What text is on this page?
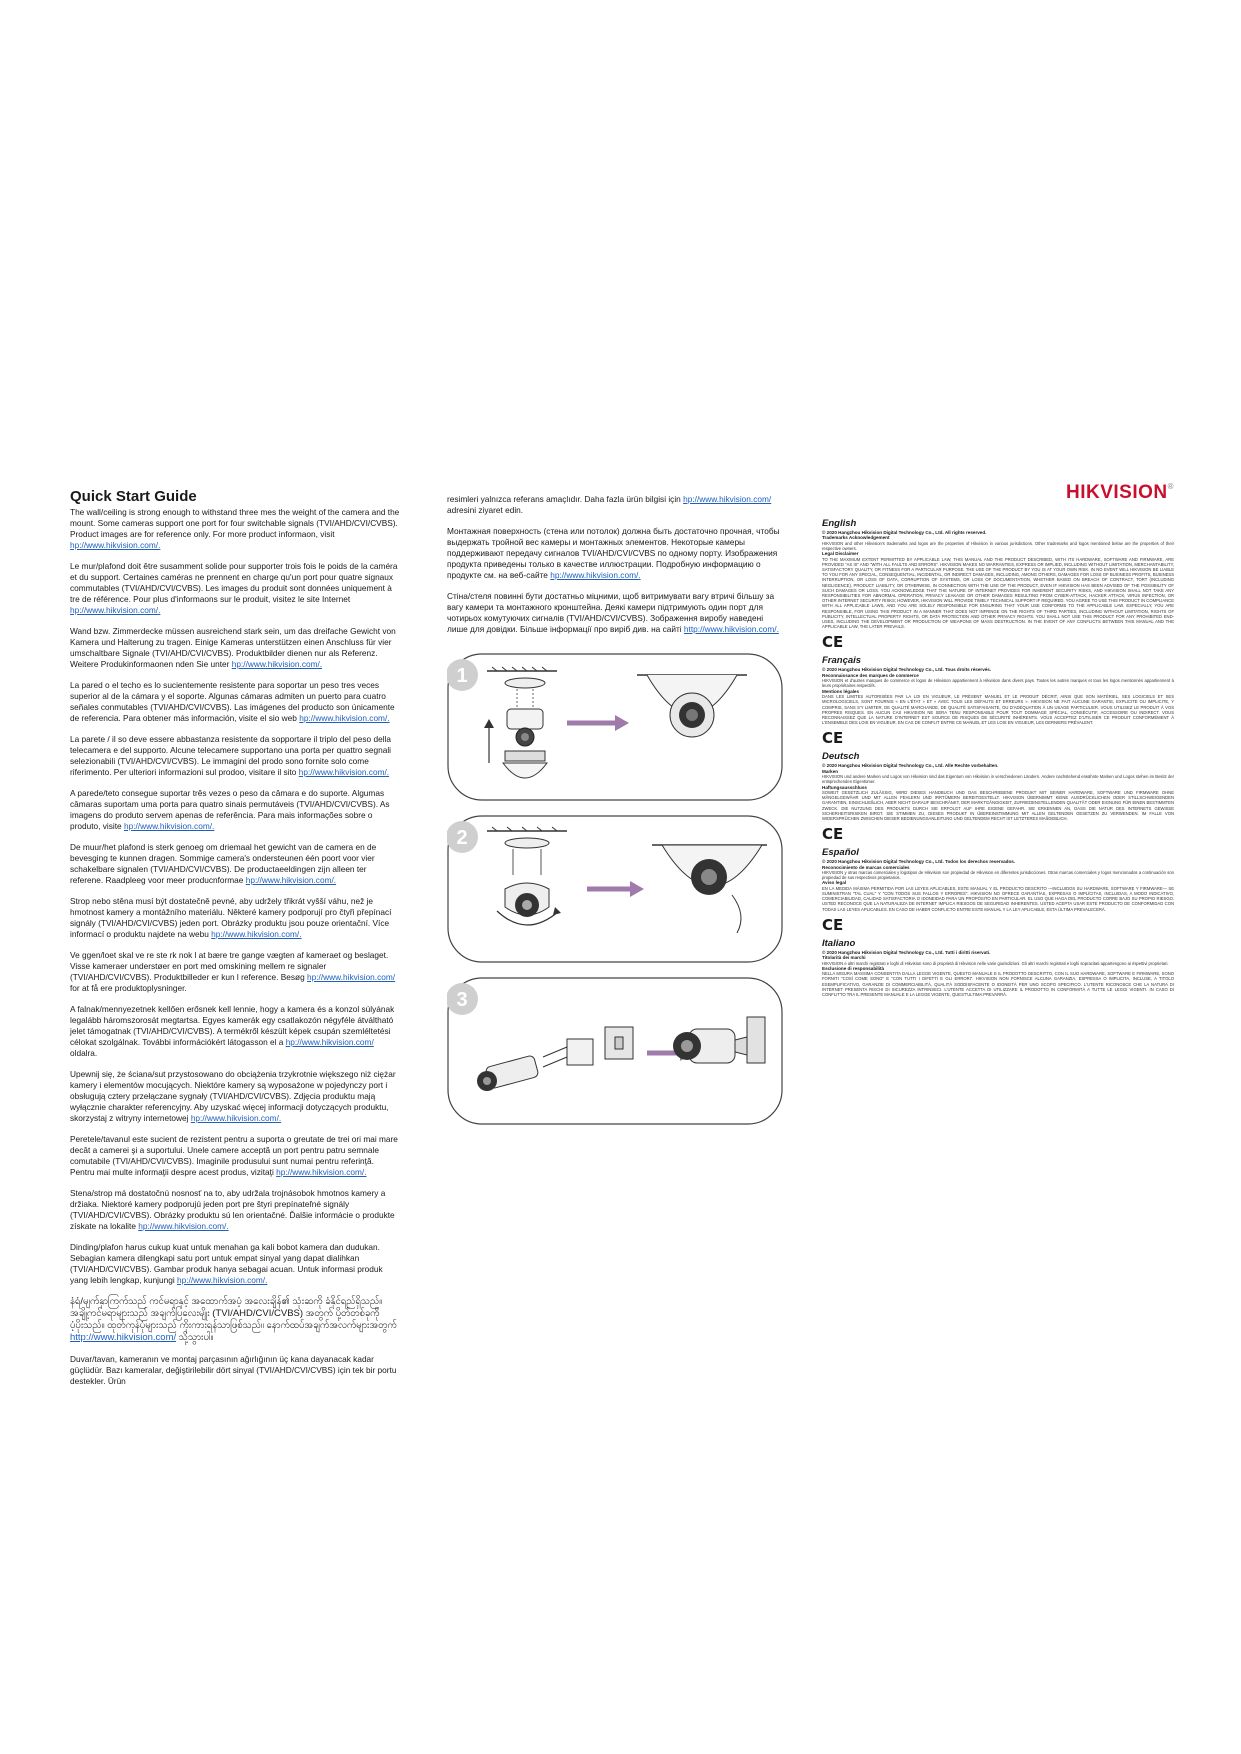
Quick Start Guide
The wall/ceiling is strong enough to withstand three mes the weight of the camera and the mount. Some cameras support one port for four switchable signals (TVI/AHD/CVI/CVBS). Product images are for reference only. For more product informaon, visit hp://www.hikvision.com/.
Le mur/plafond doit être susamment solide pour supporter trois fois le poids de la caméra et du support. Certaines caméras ne prennent en charge qu'un port pour quatre signaux commutables (TVI/AHD/CVI/CVBS). Les images du produit sont données uniquement à tre de référence. Pour plus d'informaons sur le produit, visitez le site Internet hp://www.hikvision.com/.
Wand bzw. Zimmerdecke müssen ausreichend stark sein, um das dreifache Gewicht von Kamera und Halterung zu tragen. Einige Kameras unterstützen einen Anschluss für vier umschaltbare Signale (TVI/AHD/CVI/CVBS). Produktbilder dienen nur als Referenz. Weitere Produkinformaonen nden Sie unter hp://www.hikvision.com/.
La pared o el techo es lo sucientemente resistente para soportar un peso tres veces superior al de la cámara y el soporte. Algunas cámaras admiten un puerto para cuatro señales conmutables (TVI/AHD/CVI/CVBS). Las imágenes del producto son únicamente de referencia. Para obtener más información, visite el sio web hp://www.hikvision.com/.
La parete / il so deve essere abbastanza resistente da sopportare il triplo del peso della telecamera e del supporto. Alcune telecamere supportano una porta per quattro segnali selezionabili (TVI/AHD/CVI/CVBS). Le immagini del prodo sono fornite solo come riferimento. Per ulteriori informazioni sul prodoo, visitare il sito hp://www.hikvision.com/.
A parede/teto consegue suportar três vezes o peso da câmara e do suporte. Algumas câmaras suportam uma porta para quatro sinais permutáveis (TVI/AHD/CVI/CVBS). As imagens do produto servem apenas de referência. Para mais informações sobre o produto, visite hp://www.hikvision.com/.
De muur/het plafond is sterk genoeg om driemaal het gewicht van de camera en de bevesging te kunnen dragen. Sommige camera's ondersteunen één poort voor vier schakelbare signalen (TVI/AHD/CVI/CVBS). De productaeeldingen zijn alleen ter referene. Raadpleeg voor meer producnformae hp://www.hikvision.com/.
Strop nebo stěna musí být dostatečně pevné, aby udržely třikrát vyšší váhu, než je hmotnost kamery a montážního materiálu. Některé kamery podporují pro čtyři přepínací signály (TVI/AHD/CVI/CVBS) jeden port. Obrázky produktu jsou pouze orientační. Více informací o produktu najdete na webu hp://www.hikvision.com/.
Ve ggen/loet skal ve re ste rk nok l at bære tre gange vægten af kameraet og beslaget. Visse kameraer understøer en port med omskining mellem re signaler (TVI/AHD/CVI/CVBS). Produktbilleder er kun l reference. Besøg hp://www.hikvision.com/ for at få ere produktoplysninger.
A falnak/mennyezetnek kellően erősnek kell lennie, hogy a kamera és a konzol súlyának legalább háromszorosát megtartsa. Egyes kamerák egy csatlakozón négyféle átváltható jelet támogatnak (TVI/AHD/CVI/CVBS). A termékről készült képek csupán szemléltetési célokat szolgálnak. További információkért látogasson el a hp://www.hikvision.com/ oldalra.
Upewnij się, że ściana/sut przystosowano do obciążenia trzykrotnie większego niż ciężar kamery i elementów mocujących. Niektóre kamery są wyposażone w pojedynczy port i obsługują cztery przełączane sygnały (TVI/AHD/CVI/CVBS). Zdjęcia produktu mają wyłącznie charakter referencyjny. Aby uzyskać więcej informacji dotyczących produktu, skorzystaj z witryny internetowej hp://www.hikvision.com/.
Peretele/tavanul este sucient de rezistent pentru a suporta o greutate de trei ori mai mare decât a camerei şi a suportului. Unele camere acceptă un port pentru patru semnale comutabile (TVI/AHD/CVI/CVBS). Imaginile produsului sunt numai pentru referinţă. Pentru mai multe informaţii despre acest produs, vizitaţi hp://www.hikvision.com/.
Stena/strop má dostatočnú nosnosť na to, aby udržala trojnásobok hmotnos kamery a držiaka. Niektoré kamery podporujú jeden port pre štyri prepínateľné signály (TVI/AHD/CVI/CVBS). Obrázky produktu sú len orientačné. Ďalšie informácie o produkte získate na lokalite hp://www.hikvision.com/.
Dinding/plafon harus cukup kuat untuk menahan ga kali bobot kamera dan dudukan. Sebagian kamera dilengkapi satu port untuk empat sinyal yang dapat dialihkan (TVI/AHD/CVI/CVBS). Gambar produk hanya sebagai acuan. Untuk informasi produk yang lebih lengkap, kunjungi hp://www.hikvision.com/.
နံရံ/မျက်နှာကြက်သည် ကင်မရာနှင့် အထောက်အပံ့ အလေးချိန်၏ သုံးဆကို ခံနိုင်ရည်ရှိသည်။ အချို့ကင်မရာများသည် အချက်ပြလေးမျိုး (TVI/AHD/CVI/CVBS) အတွက် ပို့တ်တစ်ခုကို ပံ့ပိုးသည်။ ထုတ်ကုန်ပုံများသည် ကိုးကားရန်သာဖြစ်သည်။ နောက်ထပ်အချက်အလက်များအတွက် http://www.hikvision.com/ သို့သွားပါ။
Duvar/tavan, kameranın ve montaj parçasının ağırlığının üç kana dayanacak kadar güçlüdür. Bazı kameralar, değiştirilebilir dört sinyal (TVI/AHD/CVI/CVBS) için tek bir portu destekler. Ürün
resimleri yalnızca referans amaçlıdır. Daha fazla ürün bilgisi için hp://www.hikvision.com/ adresini ziyaret edin.
Монтажная поверхность (стена или потолок) должна быть достаточно прочная, чтобы выдержать тройной вес камеры и монтажных элементов. Некоторые камеры поддерживают передачу сигналов TVI/AHD/CVI/CVBS по одному порту. Изображения продукта приведены только в качестве иллюстрации. Подробную информацию о продукте см. на веб-сайте hp://www.hikvision.com/.
Стіна/стеля повинні бути достатньо міцними, щоб витримувати вагу втричі більшу за вагу камери та монтажного кронштейна. Деякі камери підтримують один порт для чотирьох комутуючих сигналів (TVI/AHD/CVI/CVBS). Зображення виробу наведені лише для довідки. Більше інформації про виріб див. на сайті http://www.hikvision.com/.
1
2
3
HIKVISION®
English
© 2020 Hangzhou Hikvision Digital Technology Co., Ltd. All rights reserved.
Trademarks Acknowledgement
HIKVISION and other Hikvision's trademarks and logos are the properties of Hikvision in various jurisdictions. Other trademarks and logos mentioned below are the properties of their respective owners.
Legal Disclaimer
TO THE MAXIMUM EXTENT PERMITTED BY APPLICABLE LAW, THIS MANUAL AND THE PRODUCT DESCRIBED, WITH ITS HARDWARE, SOFTWARE AND FIRMWARE, ARE PROVIDED "AS IS" AND "WITH ALL FAULTS AND ERRORS". HIKVISION MAKES NO WARRANTIES, EXPRESS OR IMPLIED, INCLUDING WITHOUT LIMITATION, MERCHANTABILITY, SATISFACTORY QUALITY, OR FITNESS FOR A PARTICULAR PURPOSE. THE USE OF THE PRODUCT BY YOU IS AT YOUR OWN RISK. IN NO EVENT WILL HIKVISION BE LIABLE TO YOU FOR ANY SPECIAL, CONSEQUENTIAL, INCIDENTAL, OR INDIRECT DAMAGES, INCLUDING, AMONG OTHERS, DAMAGES FOR LOSS OF BUSINESS PROFITS, BUSINESS INTERRUPTION, OR LOSS OF DATA, CORRUPTION OF SYSTEMS, OR LOSS OF DOCUMENTATION, WHETHER BASED ON BREACH OF CONTRACT, TORT (INCLUDING NEGLIGENCE), PRODUCT LIABILITY, OR OTHERWISE, IN CONNECTION WITH THE USE OF THE PRODUCT, EVEN IF HIKVISION HAS BEEN ADVISED OF THE POSSIBILITY OF SUCH DAMAGES OR LOSS. YOU ACKNOWLEDGE THAT THE NATURE OF INTERNET PROVIDES FOR INHERENT SECURITY RISKS, AND HIKVISION SHALL NOT TAKE ANY RESPONSIBILITIES FOR ABNORMAL OPERATION, PRIVACY LEAKAGE OR OTHER DAMAGES RESULTING FROM CYBER-ATTACK, HACKER ATTACK, VIRUS INFECTION, OR OTHER INTERNET SECURITY RISKS; HOWEVER, HIKVISION WILL PROVIDE TIMELY TECHNICAL SUPPORT IF REQUIRED. YOU AGREE TO USE THIS PRODUCT IN COMPLIANCE WITH ALL APPLICABLE LAWS, AND YOU ARE SOLELY RESPONSIBLE FOR ENSURING THAT YOUR USE CONFORMS TO THE APPLICABLE LAW. ESPECIALLY, YOU ARE RESPONSIBLE, FOR USING THIS PRODUCT IN A MANNER THAT DOES NOT INFRINGE ON THE RIGHTS OF THIRD PARTIES, INCLUDING WITHOUT LIMITATION, RIGHTS OF PUBLICITY, INTELLECTUAL PROPERTY RIGHTS, OR DATA PROTECTION AND OTHER PRIVACY RIGHTS. YOU SHALL NOT USE THIS PRODUCT FOR ANY PROHIBITED END-USES, INCLUDING THE DEVELOPMENT OR PRODUCTION OF WEAPONS OF MASS DESTRUCTION. IN THE EVENT OF ANY CONFLICTS BETWEEN THIS MANUAL AND THE APPLICABLE LAW, THE LATER PREVAILS.
CE
Français
© 2020 Hangzhou Hikvision Digital Technology Co., Ltd. Tous droits réservés.
Reconnaissance des marques de commerce
HIKVISION et d'autres marques de commerce et logos de Hikvision appartiennent à Hikvision dans divers pays. Toutes les autres marques et tous les logos mentionnés appartiennent à leurs propriétaires respectifs.
Mentions légales
DANS LES LIMITES AUTORISÉES PAR LA LOI EN VIGUEUR, LE PRÉSENT MANUEL ET LE PRODUIT DÉCRIT, AINSI QUE SON MATÉRIEL, SES LOGICIELS ET SES MICROLOGICIELS, SONT FOURNIS « EN L'ÉTAT » ET « AVEC TOUS LES DÉFAUTS ET ERREURS ». HIKVISION NE FAIT AUCUNE GARANTIE, EXPLICITE OU IMPLICITE, Y COMPRIS, SANS S'Y LIMITER, DE QUALITÉ MARCHANDE, DE QUALITÉ SATISFAISANTE, OU D'ADÉQUATION À UN USAGE PARTICULIER. VOUS UTILISEZ LE PRODUIT À VOS PROPRES RISQUES. EN AUCUN CAS HIKVISION NE SERA TENU RESPONSABLE POUR TOUT DOMMAGE SPÉCIAL, CONSÉCUTIF, ACCESSOIRE OU INDIRECT. VOUS RECONNAISSEZ QUE LA NATURE D'INTERNET EST SOURCE DE RISQUES DE SÉCURITÉ INHÉRENTS. VOUS ACCEPTEZ D'UTILISER CE PRODUIT CONFORMÉMENT À L'ENSEMBLE DES LOIS EN VIGUEUR. EN CAS DE CONFLIT ENTRE CE MANUEL ET LES LOIS EN VIGUEUR, LES DERNIERS PRÉVALENT.
CE
Deutsch
© 2020 Hangzhou Hikvision Digital Technology Co., Ltd. Alle Rechte vorbehalten.
Marken
HIKVISION und andere Marken und Logos von Hikvision sind das Eigentum von Hikvision in verschiedenen Ländern. Andere nachstehend erwähnte Marken und Logos stehen im Besitz der entsprechenden Eigentümer.
Haftungsausschluss
SOWEIT GESETZLICH ZULÄSSIG, WIRD DIESES HANDBUCH UND DAS BESCHRIEBENE PRODUKT MIT SEINER HARDWARE, SOFTWARE UND FIRMWARE OHNE MÄNGELGEWÄHR UND MIT ALLEN FEHLERN UND IRRTÜMERN BEREITGESTELLT. HIKVISION ÜBERNIMMT KEINE AUSDRÜCKLICHEN ODER STILLSCHWEIGENDEN GARANTIEN, EINSCHLIEßLICH, ABER NICHT DARAUF BESCHRÄNKT, DER MARKTGÄNGIGKEIT, ZUFRIEDENSTELLENDEN QUALITÄT ODER EIGNUNG FÜR EINEN BESTIMMTEN ZWECK. DIE NUTZUNG DES PRODUKTS DURCH SIE ERFOLGT AUF IHRE EIGENE GEFAHR. SIE ERKENNEN AN, DASS DIE NATUR DES INTERNETS GEWISSE SICHERHEITSRISIKEN BIRGT. SIE STIMMEN ZU, DIESES PRODUKT IN ÜBEREINSTIMMUNG MIT ALLEN GELTENDEN GESETZEN ZU VERWENDEN. IM FALLE VON WIDERSPRÜCHEN ZWISCHEN DIESER BEDIENUNGSANLEITUNG UND GELTENDEM RECHT IST LETZTERES MAßGEBLICH.
CE
Español
© 2020 Hangzhou Hikvision Digital Technology Co., Ltd. Todos los derechos reservados.
Reconocimiento de marcas comerciales
HIKVISION y otras marcas comerciales y logotipos de Hikvision son propiedad de Hikvision en diferentes jurisdicciones. Otras marcas comerciales y logos mencionados a continuación son propiedad de sus respectivos propietarios.
Aviso legal
EN LA MEDIDA MÁXIMA PERMITIDA POR LAS LEYES APLICABLES, ESTE MANUAL Y EL PRODUCTO DESCRITO —INCLUIDOS SU HARDWARE, SOFTWARE Y FIRMWARE— SE SUMINISTRAN "TAL CUAL" Y "CON TODOS SUS FALLOS Y ERRORES". HIKVISION NO OFRECE GARANTÍAS, EXPRESAS O IMPLÍCITAS, INCLUIDAS, A MODO INDICATIVO, COMERCIABILIDAD, CALIDAD SATISFACTORIA O IDONEIDAD PARA UN PROPÓSITO EN PARTICULAR. EL USO QUE HAGA DEL PRODUCTO CORRE BAJO SU PROPIO RIESGO. USTED RECONOCE QUE LA NATURALEZA DE INTERNET IMPLICA RIESGOS DE SEGURIDAD INHERENTES. USTED ACEPTA USAR ESTE PRODUCTO DE CONFORMIDAD CON TODAS LAS LEYES APLICABLES. EN CASO DE HABER CONFLICTO ENTRE ESTE MANUAL Y LA LEY APLICABLE, ESTA ÚLTIMA PREVALECERÁ.
CE
Italiano
© 2020 Hangzhou Hikvision Digital Technology Co., Ltd. Tutti i diritti riservati.
Titolarità dei marchi
HIKVISION e altri marchi registrati e loghi di Hikvision sono di proprietà di Hikvision nelle varie giurisdizioni. Gli altri marchi registrati e loghi sopracitati appartengono ai rispettivi proprietari.
Esclusione di responsabilità
NELLA MISURA MASSIMA CONSENTITA DALLA LEGGE VIGENTE, QUESTO MANUALE E IL PRODOTTO DESCRITTO, CON IL SUO HARDWARE, SOFTWARE E FIRMWARE, SONO FORNITI "COSÌ COME SONO" E "CON TUTTI I DIFETTI E GLI ERRORI". HIKVISION NON FORNISCE ALCUNA GARANZIA, ESPRESSA O IMPLICITA, INCLUSE, A TITOLO ESEMPLIFICATIVO, GARANZIE DI COMMERCIABILITÀ, QUALITÀ SODDISFACENTE O IDONEITÀ PER UNO SCOPO SPECIFICO. L'UTENTE RICONOSCE CHE LA NATURA DI INTERNET PRESENTA RISCHI DI SICUREZZA INTRINSECI. L'UTENTE ACCETTA DI UTILIZZARE IL PRODOTTO IN CONFORMITÀ A TUTTE LE LEGGI VIGENTI. IN CASO DI CONFLITTO TRA IL PRESENTE MANUALE E LA LEGGE VIGENTE, QUEST'ULTIMA PREVARRÀ.
